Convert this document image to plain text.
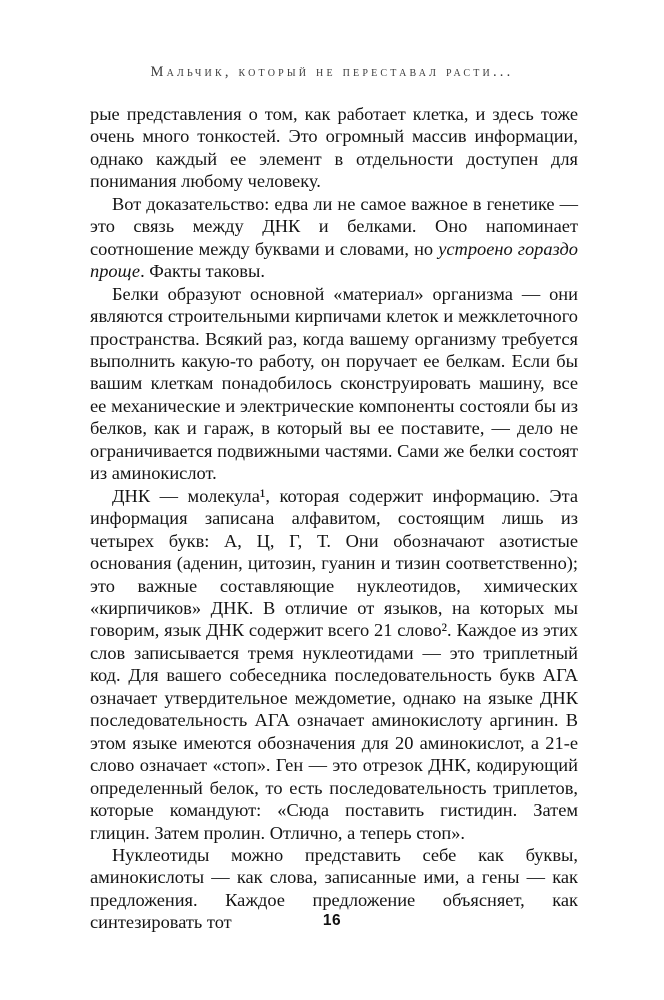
Мальчик, который не переставал расти...

рые представления о том, как работает клетка, и здесь тоже очень много тонкостей. Это огромный массив информации, однако каждый ее элемент в отдельности доступен для понимания любому человеку.

Вот доказательство: едва ли не самое важное в генетике — это связь между ДНК и белками. Оно напоминает соотношение между буквами и словами, но устроено гораздо проще. Факты таковы.

Белки образуют основной «материал» организма — они являются строительными кирпичами клеток и межклеточного пространства. Всякий раз, когда вашему организму требуется выполнить какую-то работу, он поручает ее белкам. Если бы вашим клеткам понадобилось сконструировать машину, все ее механические и электрические компоненты состояли бы из белков, как и гараж, в который вы ее поставите, — дело не ограничивается подвижными частями. Сами же белки состоят из аминокислот.

ДНК — молекула¹, которая содержит информацию. Эта информация записана алфавитом, состоящим лишь из четырех букв: А, Ц, Г, Т. Они обозначают азотистые основания (аденин, цитозин, гуанин и тизин соответственно); это важные составляющие нуклеотидов, химических «кирпичиков» ДНК. В отличие от языков, на которых мы говорим, язык ДНК содержит всего 21 слово². Каждое из этих слов записывается тремя нуклеотидами — это триплетный код. Для вашего собеседника последовательность букв АГА означает утвердительное междометие, однако на языке ДНК последовательность АГА означает аминокислоту аргинин. В этом языке имеются обозначения для 20 аминокислот, а 21-е слово означает «стоп». Ген — это отрезок ДНК, кодирующий определенный белок, то есть последовательность триплетов, которые командуют: «Сюда поставить гистидин. Затем глицин. Затем пролин. Отлично, а теперь стоп».

Нуклеотиды можно представить себе как буквы, аминокислоты — как слова, записанные ими, а гены — как предложения. Каждое предложение объясняет, как синтезировать тот	16
